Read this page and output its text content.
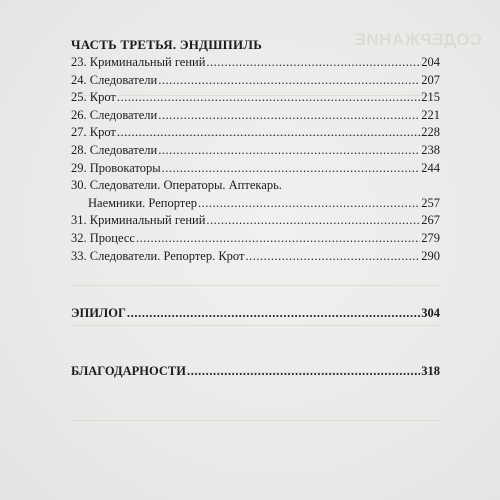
СОДЕРЖАНИЕ
ЧАСТЬ ТРЕТЬЯ. ЭНДШПИЛЬ
23. Криминальный гений .....	204
24. Следователи .....	207
25. Крот .....	215
26. Следователи .....	221
27. Крот .....	228
28. Следователи .....	238
29. Провокаторы .....	244
30. Следователи. Операторы. Аптекарь.
Наемники. Репортер .....	257
31. Криминальный гений .....	267
32. Процесс .....	279
33. Следователи. Репортер. Крот .....	290
ЭПИЛОГ .....	304
БЛАГОДАРНОСТИ .....	318
